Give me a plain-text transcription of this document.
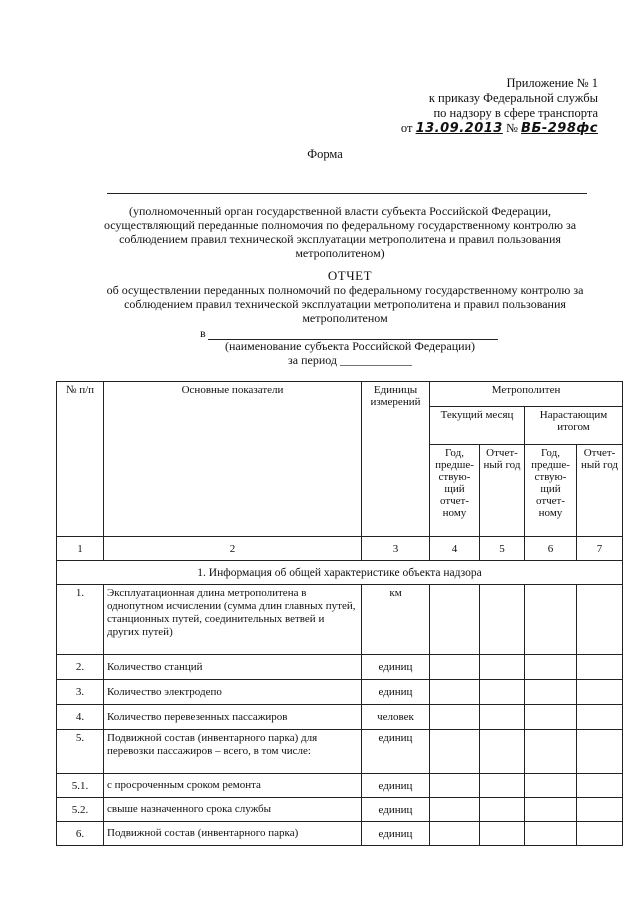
Приложение № 1
к приказу Федеральной службы
по надзору в сфере транспорта
от 13.09.2013 № ВБ-298фс
Форма
(уполномоченный орган государственной власти субъекта Российской Федерации, осуществляющий переданные полномочия по федеральному государственному контролю за соблюдением правил технической эксплуатации метрополитена и правил пользования метрополитеном)
ОТЧЕТ
об осуществлении переданных полномочий по федеральному государственному контролю за соблюдением правил технической эксплуатации метрополитена и правил пользования метрополитеном
в
(наименование субъекта Российской Федерации)
за период ____________
№ п/п	Основные показатели	Единицы измерений	Метрополитен			
			Текущий месяц		Нарастающим итогом	
			Год, предше-ствую-щий отчет-ному	Отчет-ный год	Год, предше-ствую-щий отчет-ному	Отчет-ный год
1	2	3	4	5	6	7
1. Информация об общей характеристике объекта надзора						
1.	Эксплуатационная длина метрополитена в однопутном исчислении (сумма длин главных путей, станционных путей, соединительных ветвей и других путей)	км				
2.	Количество станций	единиц				
3.	Количество электродепо	единиц				
4.	Количество перевезенных пассажиров	человек				
5.	Подвижной состав (инвентарного парка) для перевозки пассажиров – всего, в том числе:	единиц				
5.1.	с просроченным сроком ремонта	единиц				
5.2.	свыше назначенного срока службы	единиц				
6.	Подвижной состав (инвентарного парка)	единиц				
